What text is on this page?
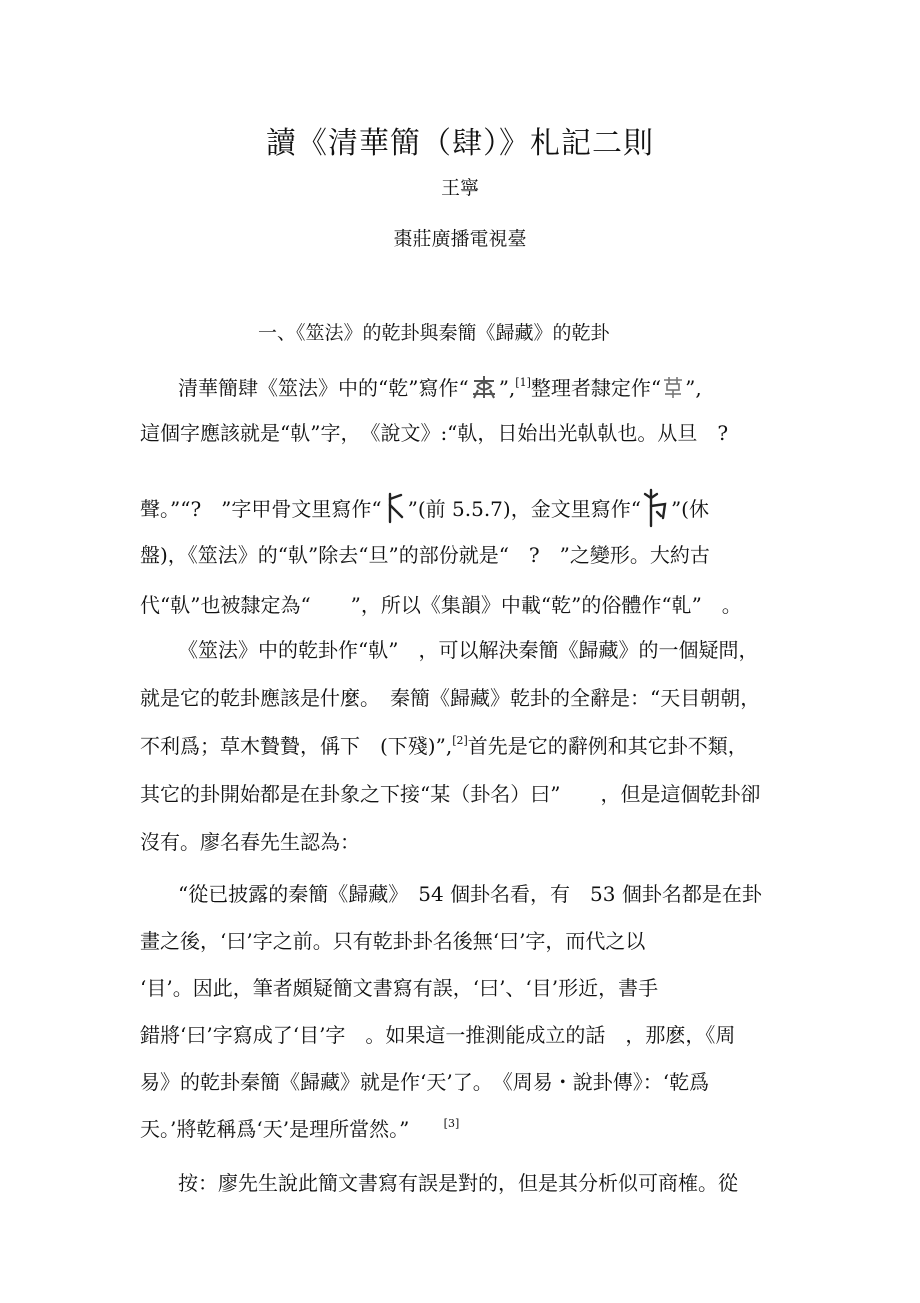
讀《清華簡（肆）》札記二則
王寧
棗莊廣播電視臺
一、《筮法》的乾卦與秦簡《歸藏》的乾卦
清華簡肆《筮法》中的“乾”寫作“ ”,[1]整理者隸定作“ ”,
這個字應該就是“倝”字，　《說文》:“倝，日始出光倝倝也。从旦　?
聲。”“?　”字甲骨文里寫作“ ”(前 5.5.7)，金文里寫作“ ”(休
盤)，《筮法》的“倝”除去“旦”的部份就是“　?　”之變形。大約古
代“倝”也被隸定為“　　”，所以《集韻》中載“乾”的俗體作“乹”　。
《筮法》中的乾卦作“倝”　，可以解決秦簡《歸藏》的一個疑問，
就是它的乾卦應該是什麼。　秦簡《歸藏》乾卦的全辭是：“天目朝朝，
不利爲；草木贄贄，偁下　(下殘)”,[2]首先是它的辭例和其它卦不類，
其它的卦開始都是在卦象之下接“某（卦名）曰”　　，但是這個乾卦卻
沒有。廖名春先生認為：
“從已披露的秦簡《歸藏》　54 個卦名看，有　53 個卦名都是在卦
畫之後，‘曰’字之前。只有乾卦卦名後無‘曰’字，而代之以
‘目’。因此，筆者頗疑簡文書寫有誤，‘曰’、‘目’形近，書手
錯將‘曰’字寫成了‘目’字　。如果這一推測能成立的話　，那麽，《周
易》的乾卦秦簡《歸藏》就是作‘天’了。　《周易・說卦傳》：‘乾爲
天。’將乾稱爲‘天’是理所當然。”	[3]
按：廖先生說此簡文書寫有誤是對的，但是其分析似可商榷。從
